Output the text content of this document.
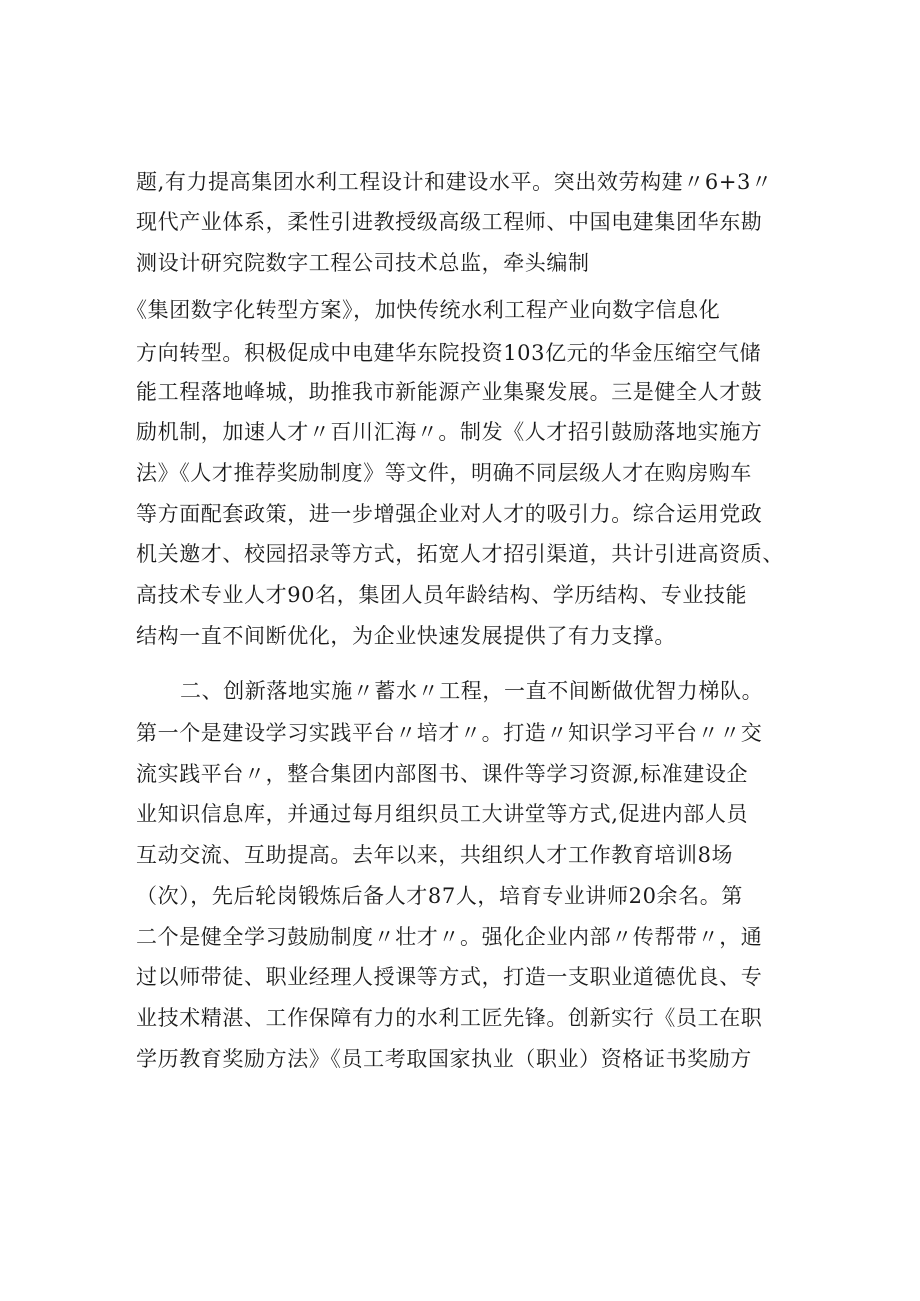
题,有力提高集团水利工程设计和建设水平。突出效劳构建〃6+3〃
现代产业体系，柔性引进教授级高级工程师、中国电建集团华东勘
测设计研究院数字工程公司技术总监，牵头编制
《集团数字化转型方案》，加快传统水利工程产业向数字信息化
方向转型。积极促成中电建华东院投资103亿元的华金压缩空气储
能工程落地峰城，助推我市新能源产业集聚发展。三是健全人才鼓
励机制，加速人才〃百川汇海〃。制发《人才招引鼓励落地实施方
法》《人才推荐奖励制度》等文件，明确不同层级人才在购房购车
等方面配套政策，进一步增强企业对人才的吸引力。综合运用党政
机关邀才、校园招录等方式，拓宽人才招引渠道，共计引进高资质、
高技术专业人才90名，集团人员年龄结构、学历结构、专业技能
结构一直不间断优化，为企业快速发展提供了有力支撑。
二、创新落地实施〃蓄水〃工程，一直不间断做优智力梯队。
第一个是建设学习实践平台〃培才〃。打造〃知识学习平台〃〃交
流实践平台〃，整合集团内部图书、课件等学习资源,标准建设企
业知识信息库，并通过每月组织员工大讲堂等方式,促进内部人员
互动交流、互助提高。去年以来，共组织人才工作教育培训8场
（次），先后轮岗锻炼后备人才87人，培育专业讲师20余名。第
二个是健全学习鼓励制度〃壮才〃。强化企业内部〃传帮带〃，通
过以师带徒、职业经理人授课等方式，打造一支职业道德优良、专
业技术精湛、工作保障有力的水利工匠先锋。创新实行《员工在职
学历教育奖励方法》《员工考取国家执业（职业）资格证书奖励方
